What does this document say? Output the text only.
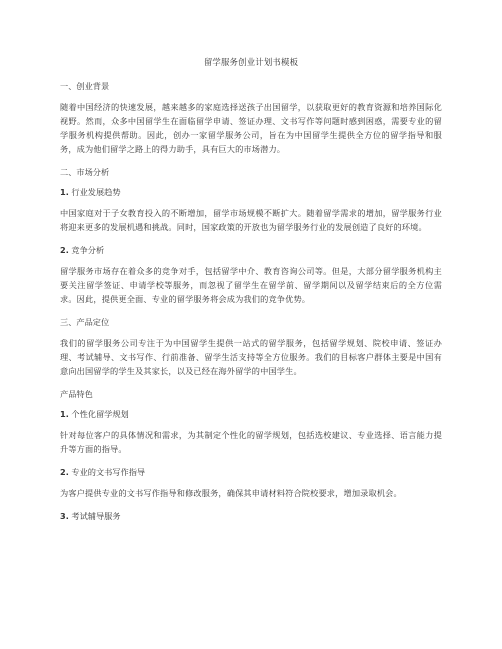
留学服务创业计划书模板
一、创业背景
随着中国经济的快速发展，越来越多的家庭选择送孩子出国留学，以获取更好的教育资源和培养国际化视野。然而，众多中国留学生在面临留学申请、签证办理、文书写作等问题时感到困惑，需要专业的留学服务机构提供帮助。因此，创办一家留学服务公司，旨在为中国留学生提供全方位的留学指导和服务，成为他们留学之路上的得力助手，具有巨大的市场潜力。
二、市场分析
1. 行业发展趋势
中国家庭对于子女教育投入的不断增加，留学市场规模不断扩大。随着留学需求的增加，留学服务行业将迎来更多的发展机遇和挑战。同时，国家政策的开放也为留学服务行业的发展创造了良好的环境。
2. 竞争分析
留学服务市场存在着众多的竞争对手，包括留学中介、教育咨询公司等。但是，大部分留学服务机构主要关注留学签证、申请学校等服务，而忽视了留学生在留学前、留学期间以及留学结束后的全方位需求。因此，提供更全面、专业的留学服务将会成为我们的竞争优势。
三、产品定位
我们的留学服务公司专注于为中国留学生提供一站式的留学服务，包括留学规划、院校申请、签证办理、考试辅导、文书写作、行前准备、留学生活支持等全方位服务。我们的目标客户群体主要是中国有意向出国留学的学生及其家长，以及已经在海外留学的中国学生。
产品特色
1. 个性化留学规划
针对每位客户的具体情况和需求，为其制定个性化的留学规划，包括选校建议、专业选择、语言能力提升等方面的指导。
2. 专业的文书写作指导
为客户提供专业的文书写作指导和修改服务，确保其申请材料符合院校要求，增加录取机会。
3. 考试辅导服务
